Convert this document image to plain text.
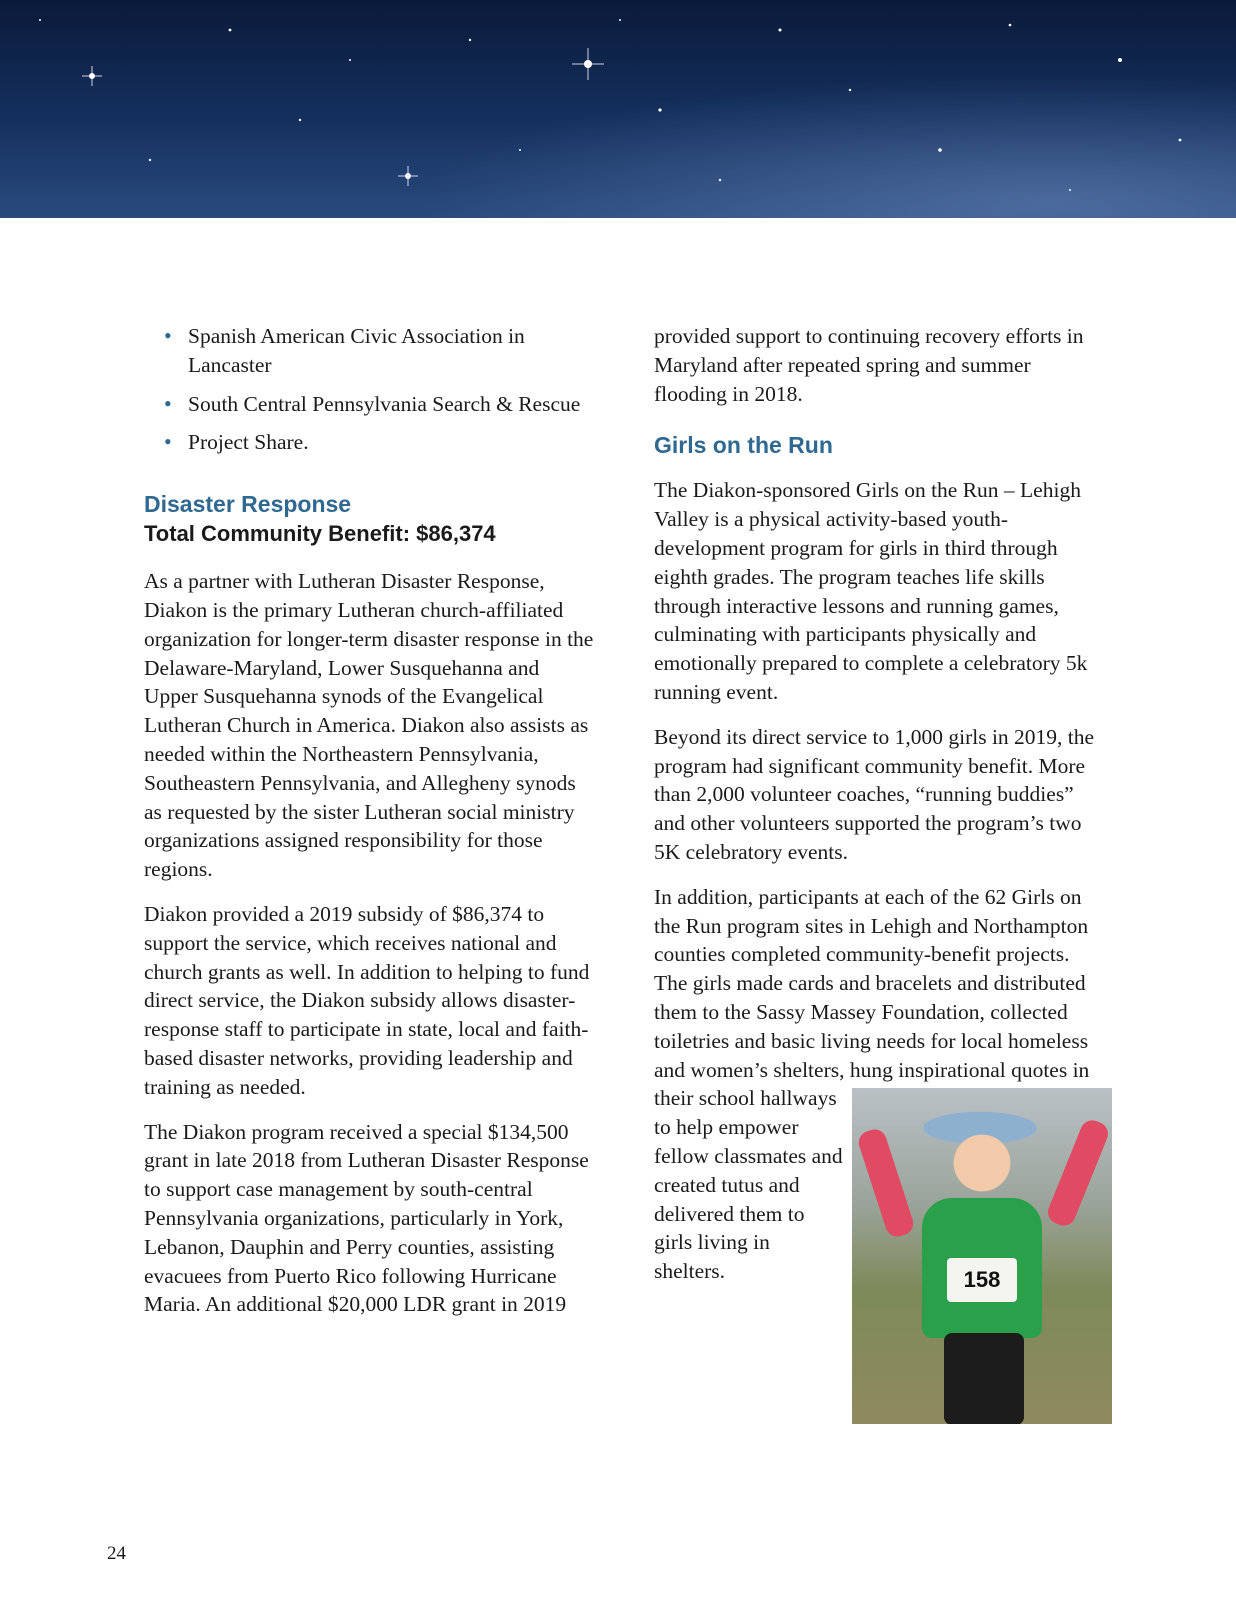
• Spanish American Civic Association in Lancaster
• South Central Pennsylvania Search & Rescue
• Project Share.
Disaster Response
Total Community Benefit: $86,374

As a partner with Lutheran Disaster Response, Diakon is the primary Lutheran church-affiliated organization for longer-term disaster response in the Delaware-Maryland, Lower Susquehanna and Upper Susquehanna synods of the Evangelical Lutheran Church in America. Diakon also assists as needed within the Northeastern Pennsylvania, Southeastern Pennsylvania, and Allegheny synods as requested by the sister Lutheran social ministry organizations assigned responsibility for those regions.

Diakon provided a 2019 subsidy of $86,374 to support the service, which receives national and church grants as well. In addition to helping to fund direct service, the Diakon subsidy allows disaster-response staff to participate in state, local and faith-based disaster networks, providing leadership and training as needed.

The Diakon program received a special $134,500 grant in late 2018 from Lutheran Disaster Response to support case management by south-central Pennsylvania organizations, particularly in York, Lebanon, Dauphin and Perry counties, assisting evacuees from Puerto Rico following Hurricane Maria. An additional $20,000 LDR grant in 2019

provided support to continuing recovery efforts in Maryland after repeated spring and summer flooding in 2018.

Girls on the Run

The Diakon-sponsored Girls on the Run – Lehigh Valley is a physical activity-based youth-development program for girls in third through eighth grades. The program teaches life skills through interactive lessons and running games, culminating with participants physically and emotionally prepared to complete a celebratory 5k running event.

Beyond its direct service to 1,000 girls in 2019, the program had significant community benefit. More than 2,000 volunteer coaches, “running buddies” and other volunteers supported the program’s two 5K celebratory events.

158
In addition, participants at each of the 62 Girls on the Run program sites in Lehigh and Northampton counties completed community-benefit projects. The girls made cards and bracelets and distributed them to the Sassy Massey Foundation, collected toiletries and basic living needs for local homeless and women’s shelters, hung inspirational quotes in their school hallways to help empower fellow classmates and created tutus and delivered them to girls living in shelters.

24
